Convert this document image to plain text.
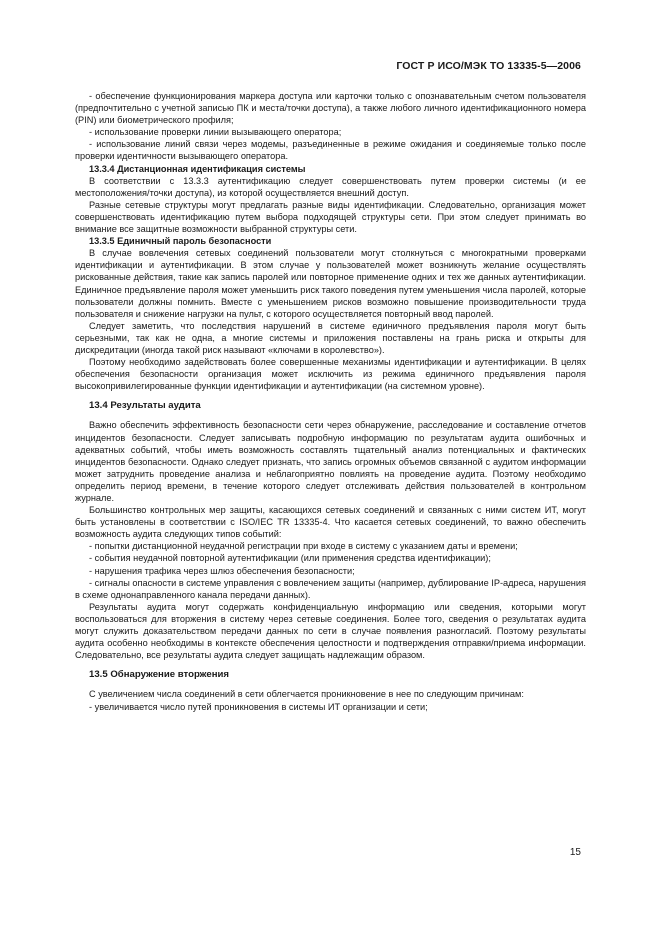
ГОСТ Р ИСО/МЭК ТО 13335-5—2006

- обеспечение функционирования маркера доступа или карточки только с опознавательным счетом пользователя (предпочтительно с учетной записью ПК и места/точки доступа), а также любого личного идентификационного номера (PIN) или биометрического профиля;

- использование проверки линии вызывающего оператора;

- использование линий связи через модемы, разъединенные в режиме ожидания и соединяемые только после проверки идентичности вызывающего оператора.

13.3.4 Дистанционная идентификация системы

В соответствии с 13.3.3 аутентификацию следует совершенствовать путем проверки системы (и ее местоположения/точки доступа), из которой осуществляется внешний доступ.

Разные сетевые структуры могут предлагать разные виды идентификации. Следовательно, организация может совершенствовать идентификацию путем выбора подходящей структуры сети. При этом следует принимать во внимание все защитные возможности выбранной структуры сети.

13.3.5 Единичный пароль безопасности

В случае вовлечения сетевых соединений пользователи могут столкнуться с многократными проверками идентификации и аутентификации. В этом случае у пользователей может возникнуть желание осуществлять рискованные действия, такие как запись паролей или повторное применение одних и тех же данных аутентификации. Единичное предъявление пароля может уменьшить риск такого поведения путем уменьшения числа паролей, которые пользователи должны помнить. Вместе с уменьшением рисков возможно повышение производительности труда пользователя и снижение нагрузки на пульт, с которого осуществляется повторный ввод паролей.

Следует заметить, что последствия нарушений в системе единичного предъявления пароля могут быть серьезными, так как не одна, а многие системы и приложения поставлены на грань риска и открыты для дискредитации (иногда такой риск называют «ключами в королевство»).

Поэтому необходимо задействовать более совершенные механизмы идентификации и аутентификации. В целях обеспечения безопасности организация может исключить из режима единичного предъявления пароля высокопривилегированные функции идентификации и аутентификации (на системном уровне).

13.4 Результаты аудита

Важно обеспечить эффективность безопасности сети через обнаружение, расследование и составление отчетов инцидентов безопасности. Следует записывать подробную информацию по результатам аудита ошибочных и адекватных событий, чтобы иметь возможность составлять тщательный анализ потенциальных и фактических инцидентов безопасности. Однако следует признать, что запись огромных объемов связанной с аудитом информации может затруднить проведение анализа и неблагоприятно повлиять на проведение аудита. Поэтому необходимо определить период времени, в течение которого следует отслеживать действия пользователей в контрольном журнале.

Большинство контрольных мер защиты, касающихся сетевых соединений и связанных с ними систем ИТ, могут быть установлены в соответствии с ISO/IEC TR 13335-4. Что касается сетевых соединений, то важно обеспечить возможность аудита следующих типов событий:

- попытки дистанционной неудачной регистрации при входе в систему с указанием даты и времени;

- события неудачной повторной аутентификации (или применения средства идентификации);

- нарушения трафика через шлюз обеспечения безопасности;

- сигналы опасности в системе управления с вовлечением защиты (например, дублирование IP-адреса, нарушения в схеме однонаправленного канала передачи данных).

Результаты аудита могут содержать конфиденциальную информацию или сведения, которыми могут воспользоваться для вторжения в систему через сетевые соединения. Более того, сведения о результатах аудита могут служить доказательством передачи данных по сети в случае появления разногласий. Поэтому результаты аудита особенно необходимы в контексте обеспечения целостности и подтверждения отправки/приема информации. Следовательно, все результаты аудита следует защищать надлежащим образом.

13.5 Обнаружение вторжения

С увеличением числа соединений в сети облегчается проникновение в нее по следующим причинам:

- увеличивается число путей проникновения в системы ИТ организации и сети;

15
